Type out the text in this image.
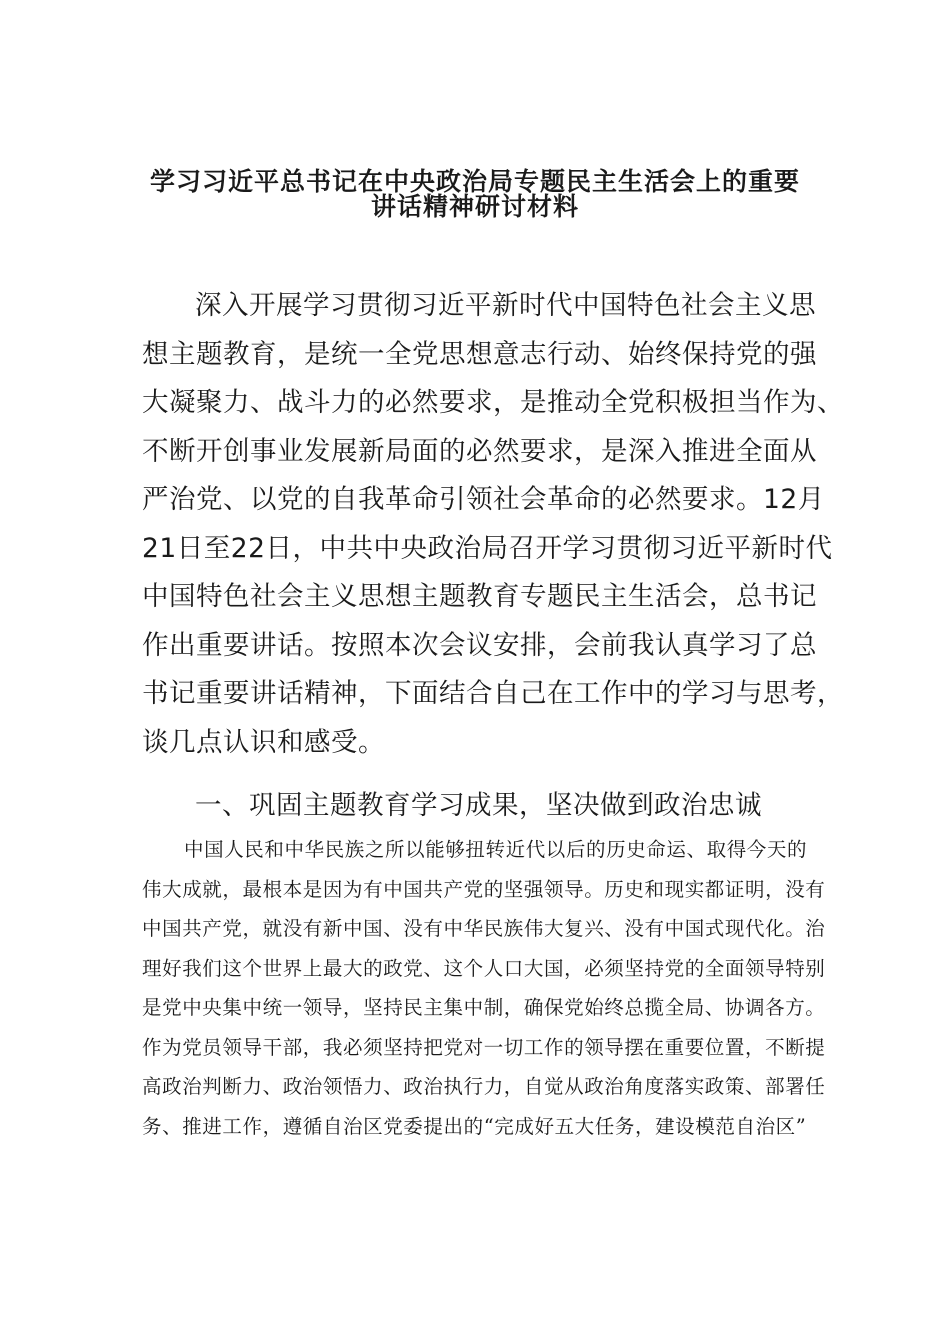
学习习近平总书记在中央政治局专题民主生活会上的重要
讲话精神研讨材料
深入开展学习贯彻习近平新时代中国特色社会主义思
想主题教育，是统一全党思想意志行动、始终保持党的强
大凝聚力、战斗力的必然要求，是推动全党积极担当作为、
不断开创事业发展新局面的必然要求，是深入推进全面从
严治党、以党的自我革命引领社会革命的必然要求。12月
21日至22日，中共中央政治局召开学习贯彻习近平新时代
中国特色社会主义思想主题教育专题民主生活会，总书记
作出重要讲话。按照本次会议安排，会前我认真学习了总
书记重要讲话精神，下面结合自己在工作中的学习与思考，
谈几点认识和感受。
一、巩固主题教育学习成果，坚决做到政治忠诚
中国人民和中华民族之所以能够扭转近代以后的历史命运、取得今天的
伟大成就，最根本是因为有中国共产党的坚强领导。历史和现实都证明，没有
中国共产党，就没有新中国、没有中华民族伟大复兴、没有中国式现代化。治
理好我们这个世界上最大的政党、这个人口大国，必须坚持党的全面领导特别
是党中央集中统一领导，坚持民主集中制，确保党始终总揽全局、协调各方。
作为党员领导干部，我必须坚持把党对一切工作的领导摆在重要位置，不断提
高政治判断力、政治领悟力、政治执行力，自觉从政治角度落实政策、部署任
务、推进工作，遵循自治区党委提出的“完成好五大任务，建设模范自治区”
